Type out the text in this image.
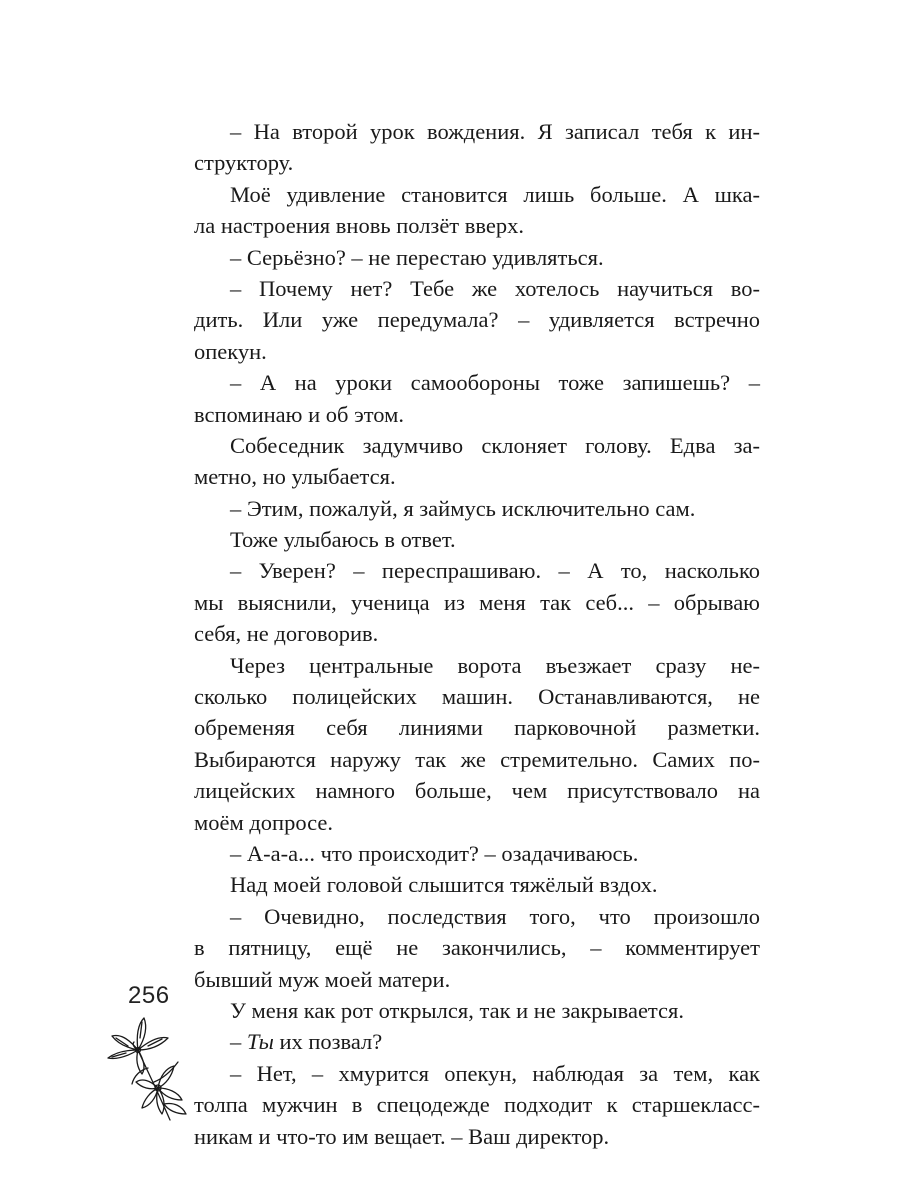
– На второй урок вождения. Я записал тебя к ин-
структору.
Моё удивление становится лишь больше. А шка-
ла настроения вновь ползёт вверх.
– Серьёзно? – не перестаю удивляться.
– Почему нет? Тебе же хотелось научиться во-
дить. Или уже передумала? – удивляется встречно
опекун.
– А на уроки самообороны тоже запишешь? –
вспоминаю и об этом.
Собеседник задумчиво склоняет голову. Едва за-
метно, но улыбается.
– Этим, пожалуй, я займусь исключительно сам.
Тоже улыбаюсь в ответ.
– Уверен? – переспрашиваю. – А то, насколько
мы выяснили, ученица из меня так себ... – обрываю
себя, не договорив.
Через центральные ворота въезжает сразу не-
сколько полицейских машин. Останавливаются, не
обременяя себя линиями парковочной разметки.
Выбираются наружу так же стремительно. Самих по-
лицейских намного больше, чем присутствовало на
моём допросе.
– А-а-а... что происходит? – озадачиваюсь.
Над моей головой слышится тяжёлый вздох.
– Очевидно, последствия того, что произошло
в пятницу, ещё не закончились, – комментирует
бывший муж моей матери.
У меня как рот открылся, так и не закрывается.
– Ты их позвал?
– Нет, – хмурится опекун, наблюдая за тем, как
толпа мужчин в спецодежде подходит к старшекласс-
никам и что-то им вещает. – Ваш директор.
256
